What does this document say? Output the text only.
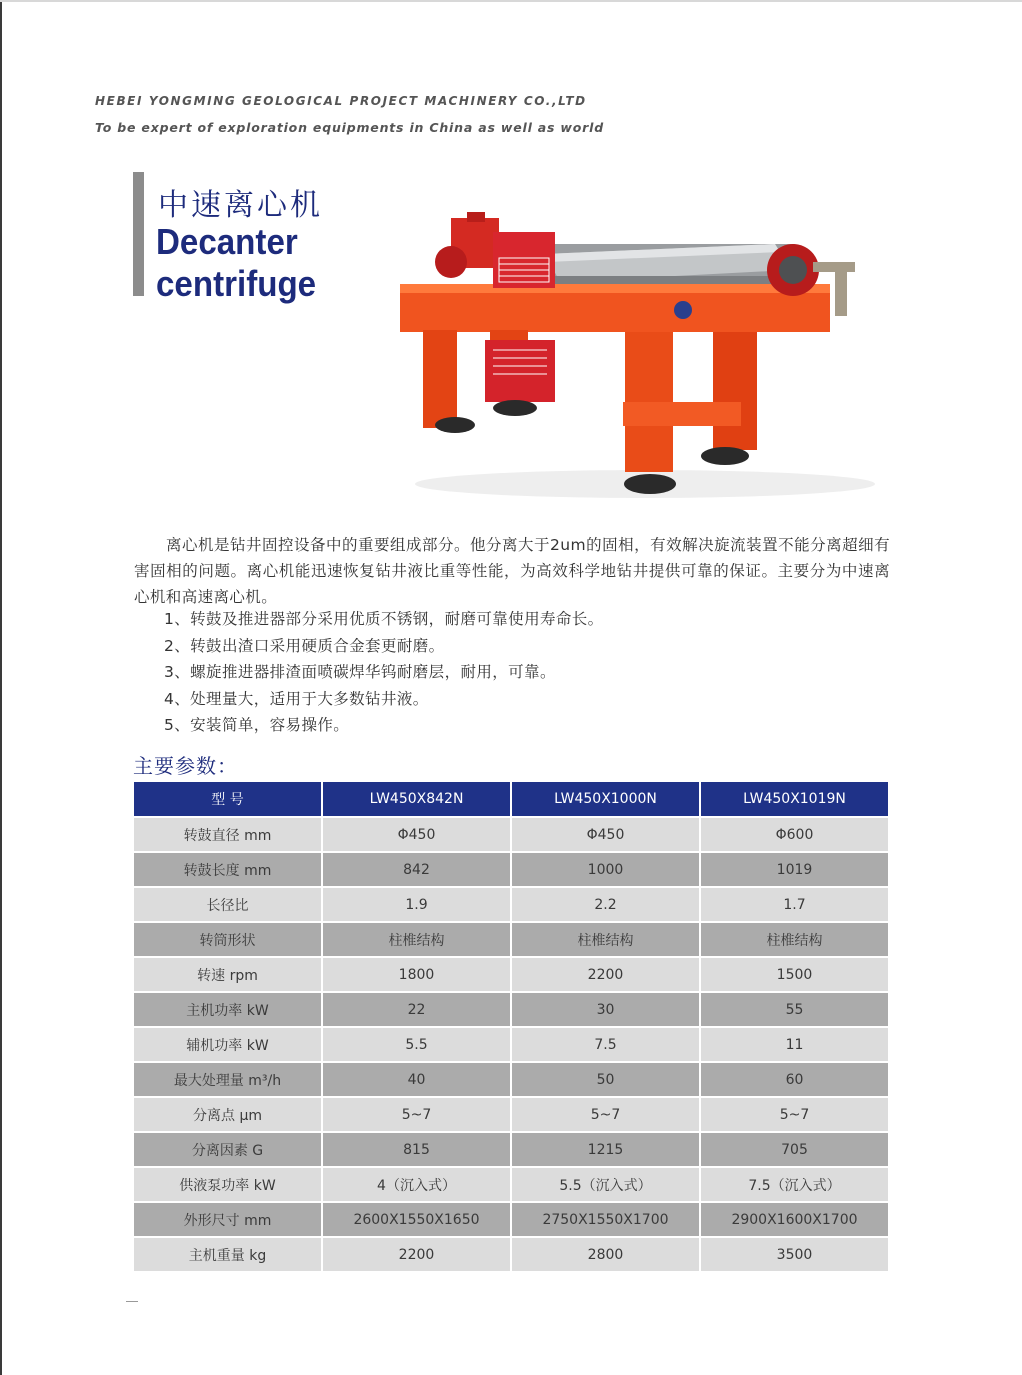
HEBEI YONGMING GEOLOGICAL PROJECT MACHINERY CO.,LTD
To be expert of exploration equipments in China as well as world
中速离心机
Decanter
centrifuge

离心机是钻井固控设备中的重要组成部分。他分离大于2um的固相，有效解决旋流装置不能分离超细有害固相的问题。离心机能迅速恢复钻井液比重等性能，为高效科学地钻井提供可靠的保证。主要分为中速离心机和高速离心机。

1、转鼓及推进器部分采用优质不锈钢，耐磨可靠使用寿命长。
2、转鼓出渣口采用硬质合金套更耐磨。
3、螺旋推进器排渣面喷碳焊华钨耐磨层，耐用，可靠。
4、处理量大，适用于大多数钻井液。
5、安装简单，容易操作。
主要参数：
型 号	LW450X842N	LW450X1000N	LW450X1019N
转鼓直径 mm	Φ450	Φ450	Φ600
转鼓长度 mm	842	1000	1019
长径比	1.9	2.2	1.7
转筒形状	柱椎结构	柱椎结构	柱椎结构
转速 rpm	1800	2200	1500
主机功率 kW	22	30	55
辅机功率 kW	5.5	7.5	11
最大处理量 m³/h	40	50	60
分离点 μm	5~7	5~7	5~7
分离因素 G	815	1215	705
供液泵功率 kW	4（沉入式）	5.5（沉入式）	7.5（沉入式）
外形尺寸 mm	2600X1550X1650	2750X1550X1700	2900X1600X1700
主机重量 kg	2200	2800	3500
